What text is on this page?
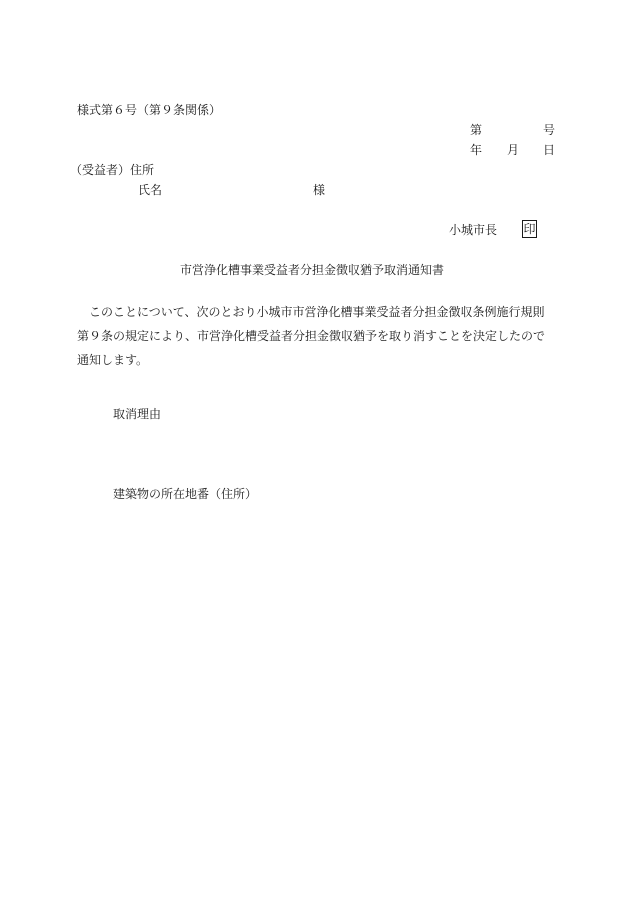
様式第６号（第９条関係）
第	号
年 月 日
（受益者）住所
氏名	様
小城市長 印
市営浄化槽事業受益者分担金徴収猶予取消通知書
このことについて、次のとおり小城市市営浄化槽事業受益者分担金徴収条例施行規則
第９条の規定により、市営浄化槽受益者分担金徴収猶予を取り消すことを決定したので
通知します。
取消理由
建築物の所在地番（住所）
